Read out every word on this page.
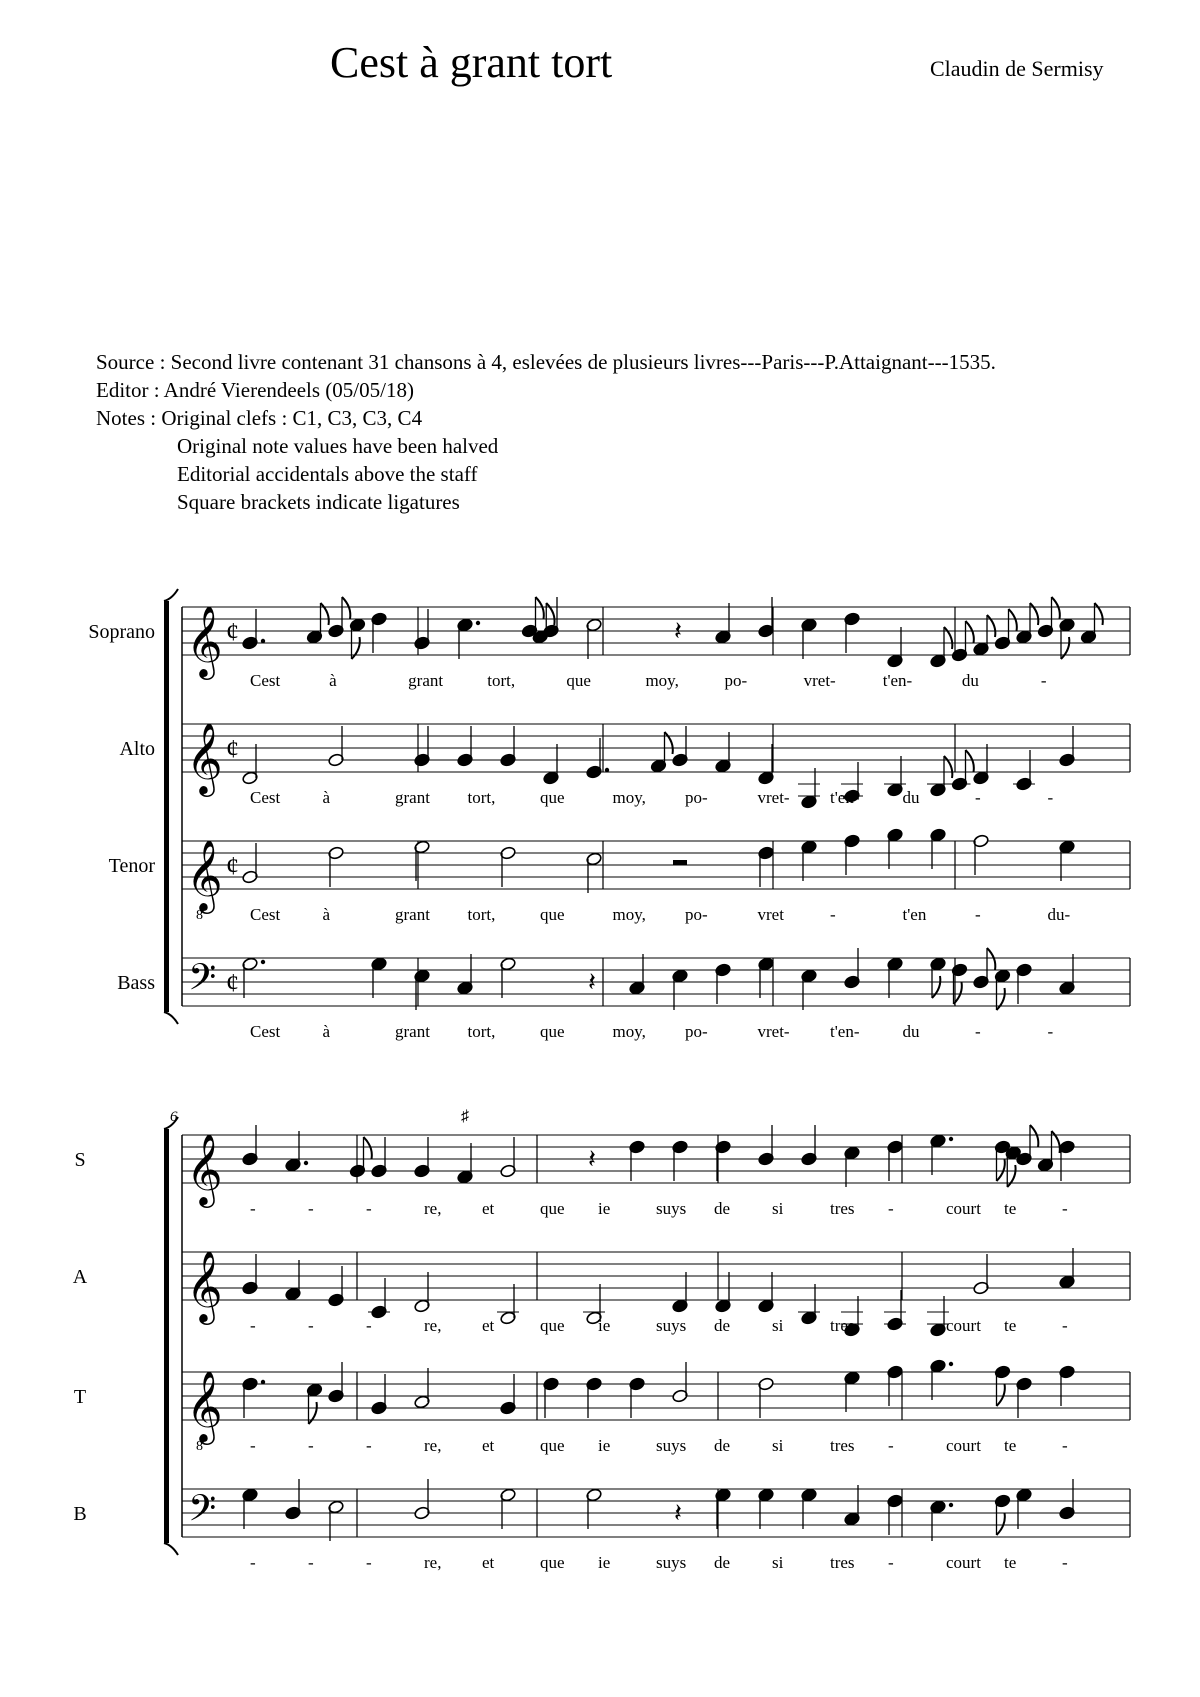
Cest à grant tort	Claudin de Sermisy
Source : Second livre contenant 31 chansons à 4, eslevées de plusieurs livres---Paris---P.Attaignant---1535.
Editor : André Vierendeels (05/05/18)
Notes : Original clefs : C1, C3, C3, C4
Original note values have been halved
Editorial accidentals above the staff
Square brackets indicate ligatures
Soprano 𝄞 ¢	𝄽
Cest	à	grant	tort,	que	moy,	po-	vret-	t'en-	du	-
Alto 𝄞 ¢
Cest à	grant tort,	que	moy, po-	vret- t'en-	du	-	-
Tenor 𝄞
8
¢
Cest à	grant tort,	que	moy, po-	vret	-	t'en	-	du-
Bass 𝄢 ¢	𝄽
Cest à	grant tort,	que	moy, po-	vret- t'en-	du	-	-
6
S 𝄞
♯
𝄽
-	-	-	re, et	que ie	suys de si	tres -	court te	-
A 𝄞
-	-	-	re, et	que ie	suys de si	tres -	court te	-
T 𝄞
8	-	-	-	re, et	que ie	suys de si	tres -	court te	-
B 𝄢	𝄽
-	-	-	re, et	que ie	suys de si	tres -	court te	-
